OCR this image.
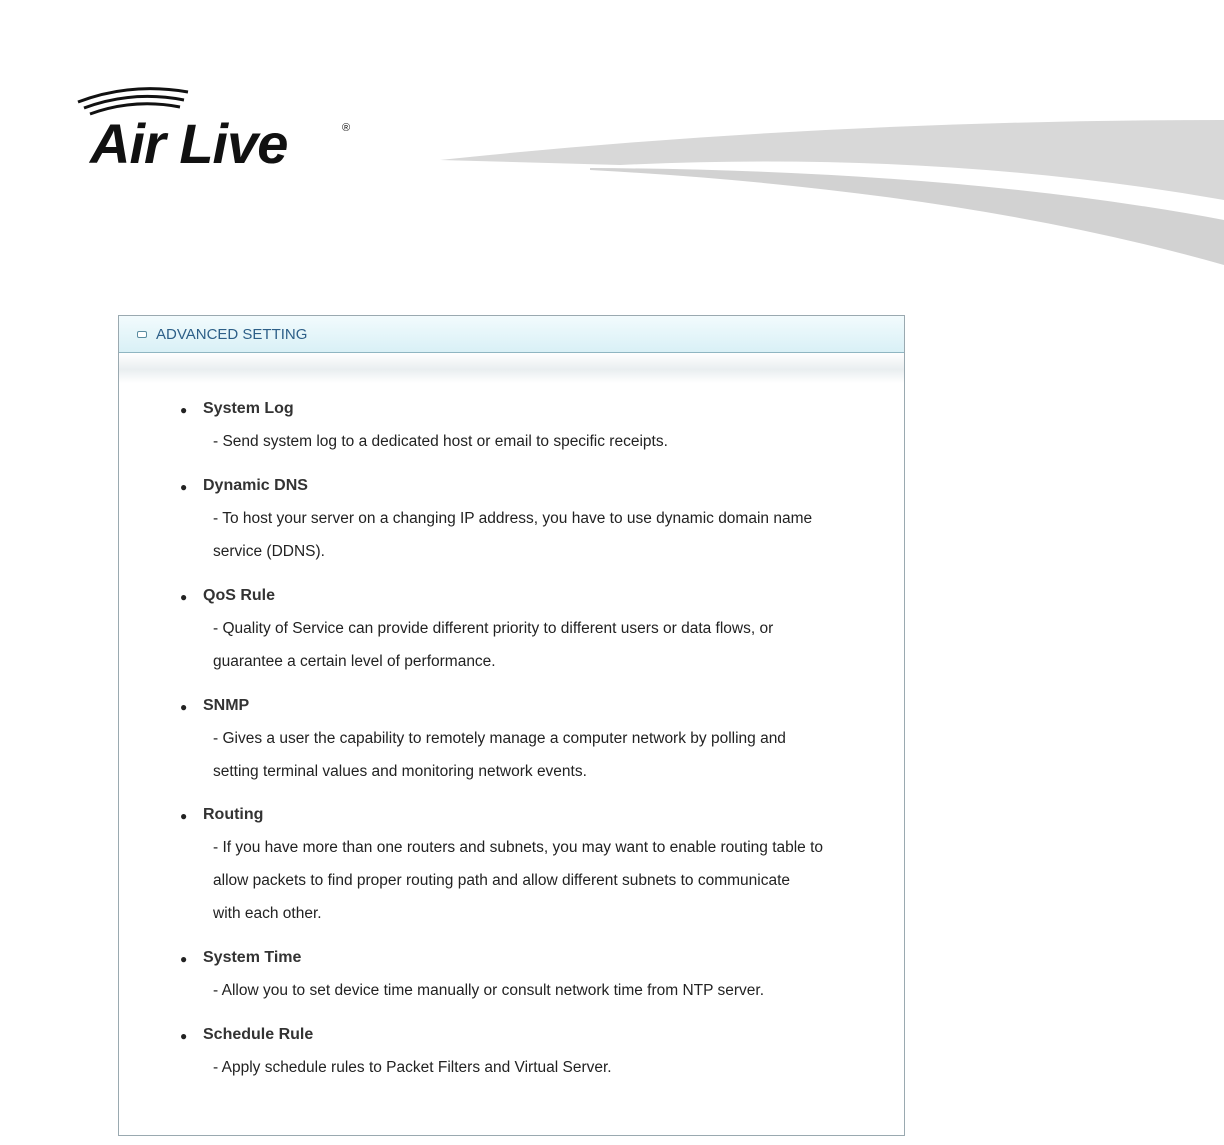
Air Live	®
ADVANCED SETTING
● System Log
- Send system log to a dedicated host or email to specific receipts.
● Dynamic DNS
- To host your server on a changing IP address, you have to use dynamic domain name
service (DDNS).
● QoS Rule
- Quality of Service can provide different priority to different users or data flows, or
guarantee a certain level of performance.
● SNMP
- Gives a user the capability to remotely manage a computer network by polling and
setting terminal values and monitoring network events.
● Routing
- If you have more than one routers and subnets, you may want to enable routing table to
allow packets to find proper routing path and allow different subnets to communicate
with each other.
● System Time
- Allow you to set device time manually or consult network time from NTP server.
● Schedule Rule
- Apply schedule rules to Packet Filters and Virtual Server.
